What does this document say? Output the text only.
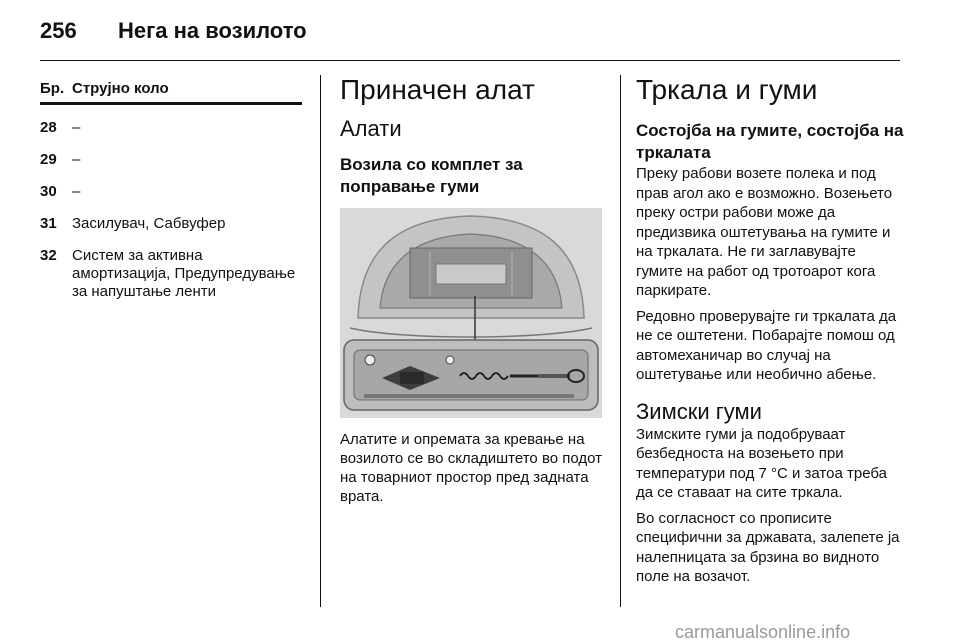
256 Нега на возилото
Бр. Струјно коло
28	–
29	–
30	–
31	Засилувач, Сабвуфер
32	Систем за активна амортизација, Предупредување за напуштање ленти
Приначен алат
Алати
Возила со комплет за поправање гуми
Алатите и опремата за кревање на возилото се во складиштето во подот на товарниот простор пред задната врата.
Тркала и гуми
Состојба на гумите, состојба на тркалата
Преку рабови возете полека и под прав агол ако е возможно. Возењето преку остри рабови може да предизвика оштетувања на гумите и на тркалата. Не ги заглавувајте гумите на работ од тротоарот кога паркирате.
Редовно проверувајте ги тркалата да не се оштетени. Побарајте помош од автомеханичар во случај на оштетување или необично абење.
Зимски гуми
Зимските гуми ја подобруваат безбедноста на возењето при температури под 7 °C и затоа треба да се ставаат на сите тркала.
Во согласност со прописите специфични за државата, залепете ја налепницата за брзина во видното поле на возачот.
carmanualsonline.info
